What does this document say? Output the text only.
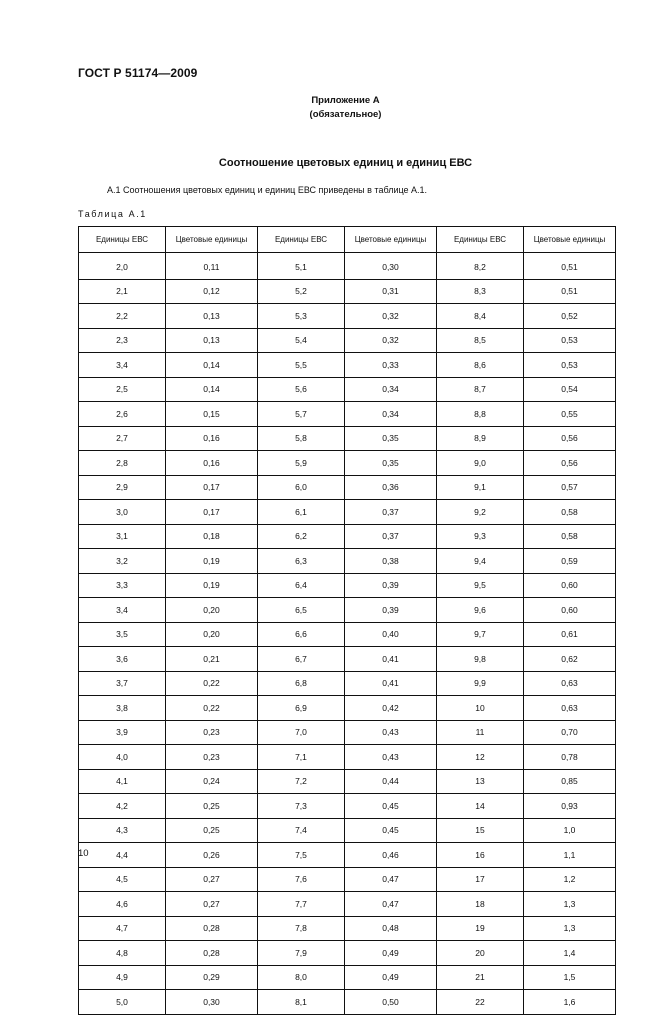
ГОСТ Р 51174—2009
Приложение А
(обязательное)
Соотношение цветовых единиц и единиц ЕВС
А.1 Соотношения цветовых единиц и единиц ЕВС приведены в таблице А.1.
Таблица А.1
Единицы ЕВС	Цветовые единицы	Единицы ЕВС	Цветовые единицы	Единицы ЕВС	Цветовые единицы

2,0	0,11	5,1	0,30	8,2	0,51
2,1	0,12	5,2	0,31	8,3	0,51
2,2	0,13	5,3	0,32	8,4	0,52
2,3	0,13	5,4	0,32	8,5	0,53
3,4	0,14	5,5	0,33	8,6	0,53
2,5	0,14	5,6	0,34	8,7	0,54
2,6	0,15	5,7	0,34	8,8	0,55
2,7	0,16	5,8	0,35	8,9	0,56
2,8	0,16	5,9	0,35	9,0	0,56
2,9	0,17	6,0	0,36	9,1	0,57
3,0	0,17	6,1	0,37	9,2	0,58
3,1	0,18	6,2	0,37	9,3	0,58
3,2	0,19	6,3	0,38	9,4	0,59
3,3	0,19	6,4	0,39	9,5	0,60
3,4	0,20	6,5	0,39	9,6	0,60
3,5	0,20	6,6	0,40	9,7	0,61
3,6	0,21	6,7	0,41	9,8	0,62
3,7	0,22	6,8	0,41	9,9	0,63
3,8	0,22	6,9	0,42	10	0,63
3,9	0,23	7,0	0,43	11	0,70
4,0	0,23	7,1	0,43	12	0,78
4,1	0,24	7,2	0,44	13	0,85
4,2	0,25	7,3	0,45	14	0,93
4,3	0,25	7,4	0,45	15	1,0
4,4	0,26	7,5	0,46	16	1,1
4,5	0,27	7,6	0,47	17	1,2
4,6	0,27	7,7	0,47	18	1,3
4,7	0,28	7,8	0,48	19	1,3
4,8	0,28	7,9	0,49	20	1,4
4,9	0,29	8,0	0,49	21	1,5
5,0	0,30	8,1	0,50	22	1,6
10
